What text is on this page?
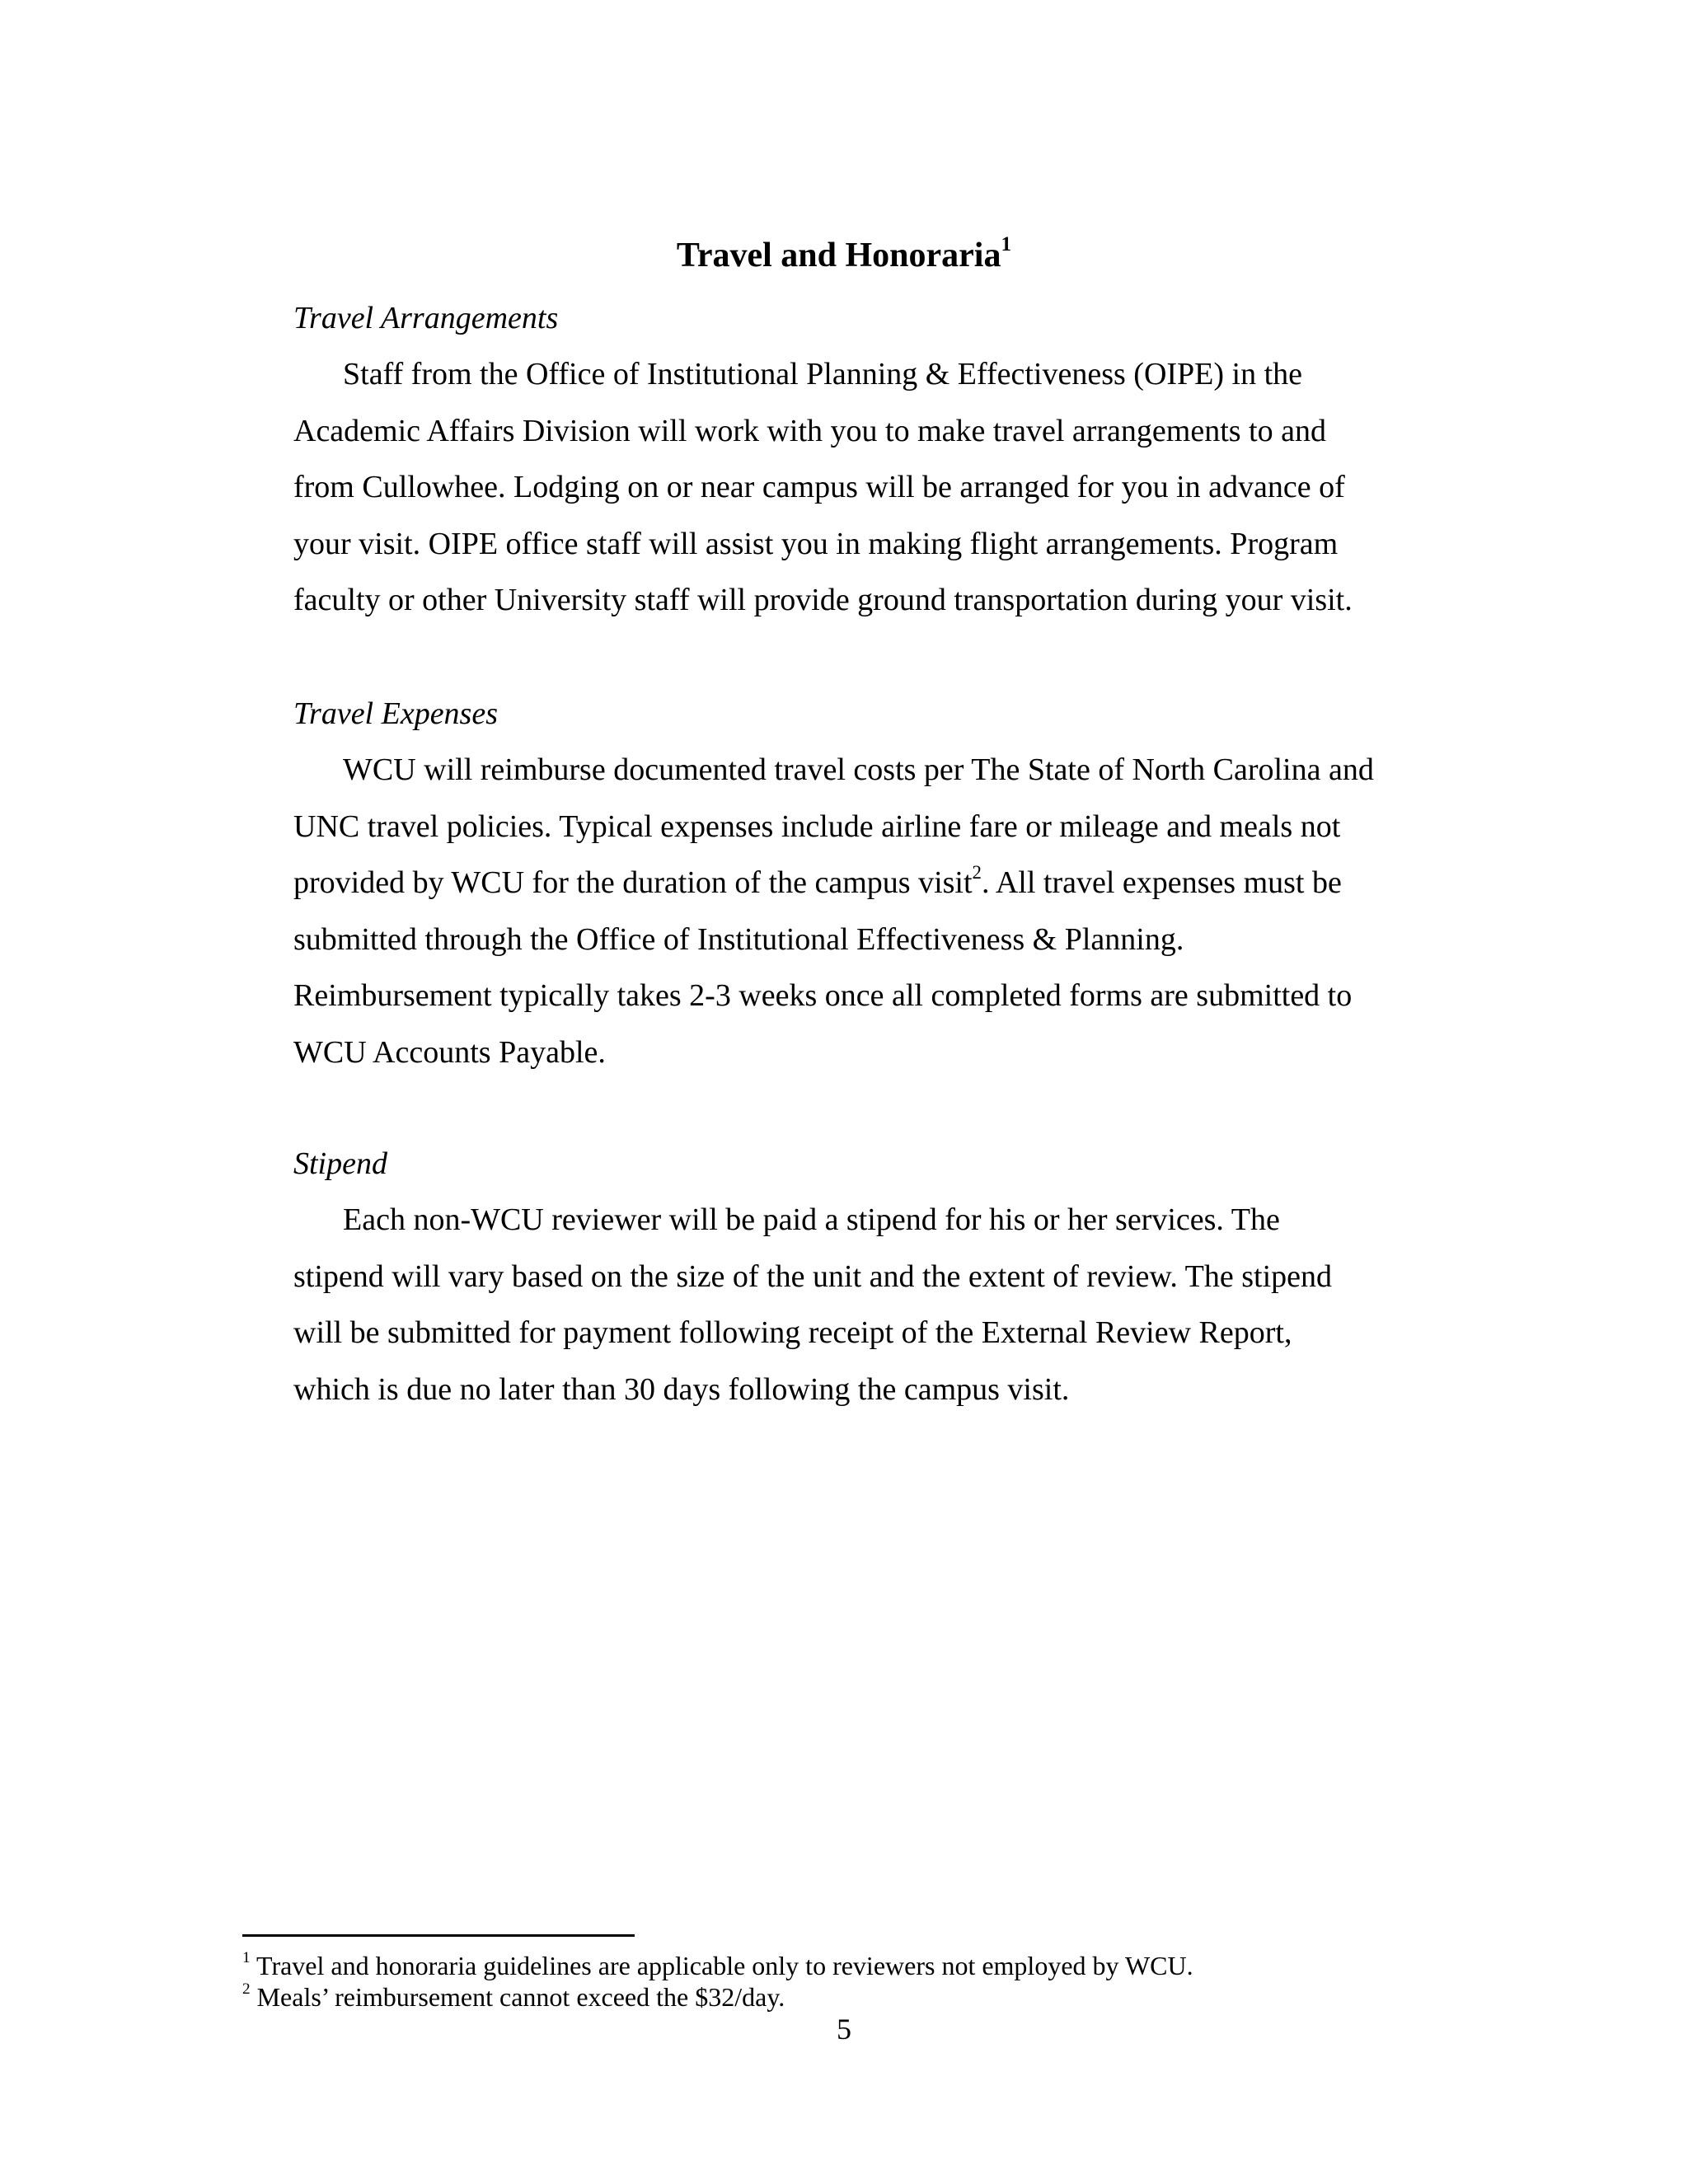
Travel and Honoraria$^1$

Travel Arrangements

Staff from the Office of Institutional Planning & Effectiveness (OIPE) in the
Academic Affairs Division will work with you to make travel arrangements to and
from Cullowhee. Lodging on or near campus will be arranged for you in advance of
your visit. OIPE office staff will assist you in making flight arrangements. Program
faculty or other University staff will provide ground transportation during your visit.

Travel Expenses

WCU will reimburse documented travel costs per The State of North Carolina and
UNC travel policies. Typical expenses include airline fare or mileage and meals not
provided by WCU for the duration of the campus visit$^2$. All travel expenses must be
submitted through the Office of Institutional Effectiveness & Planning.
Reimbursement typically takes 2-3 weeks once all completed forms are submitted to
WCU Accounts Payable.

Stipend

Each non-WCU reviewer will be paid a stipend for his or her services. The
stipend will vary based on the size of the unit and the extent of review. The stipend
will be submitted for payment following receipt of the External Review Report,
which is due no later than 30 days following the campus visit.

$^1$ Travel and honoraria guidelines are applicable only to reviewers not employed by WCU.

$^2$ Meals’ reimbursement cannot exceed the $32/day.

5
